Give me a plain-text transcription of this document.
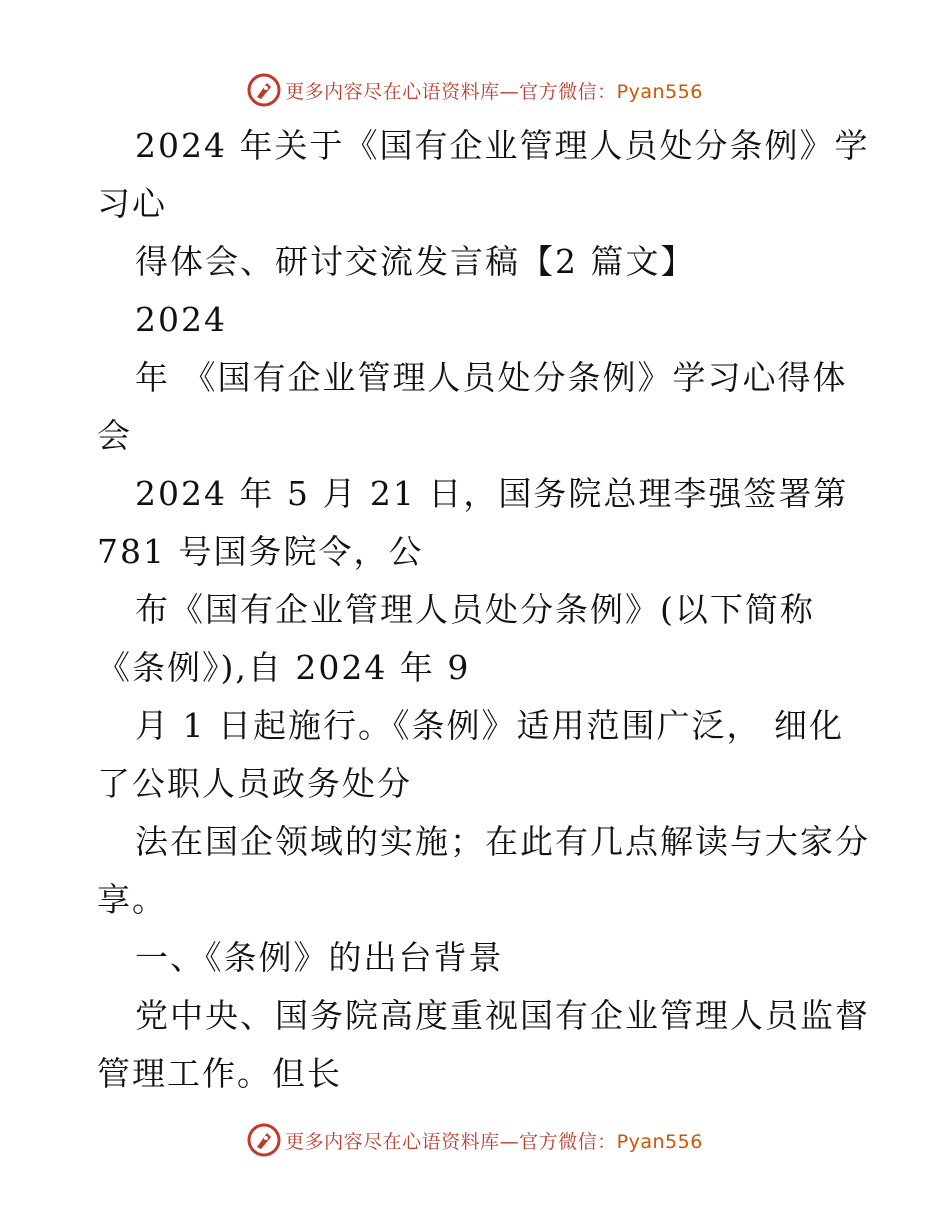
更多内容尽在心语资料库—官方微信：Pyan556
2024 年关于《国有企业管理人员处分条例》学
习心
得体会、研讨交流发言稿【2 篇文】
2024
年 《国有企业管理人员处分条例》学习心得体
会
2024 年 5 月 21 日，国务院总理李强签署第
781 号国务院令，公
布《国有企业管理人员处分条例》(以下简称
《条例》),自 2024 年 9
月 1 日起施行。《条例》适用范围广泛， 细化
了公职人员政务处分
法在国企领域的实施；在此有几点解读与大家分
享。
一、《条例》的出台背景
党中央、国务院高度重视国有企业管理人员监督
管理工作。但长
更多内容尽在心语资料库—官方微信：Pyan556
